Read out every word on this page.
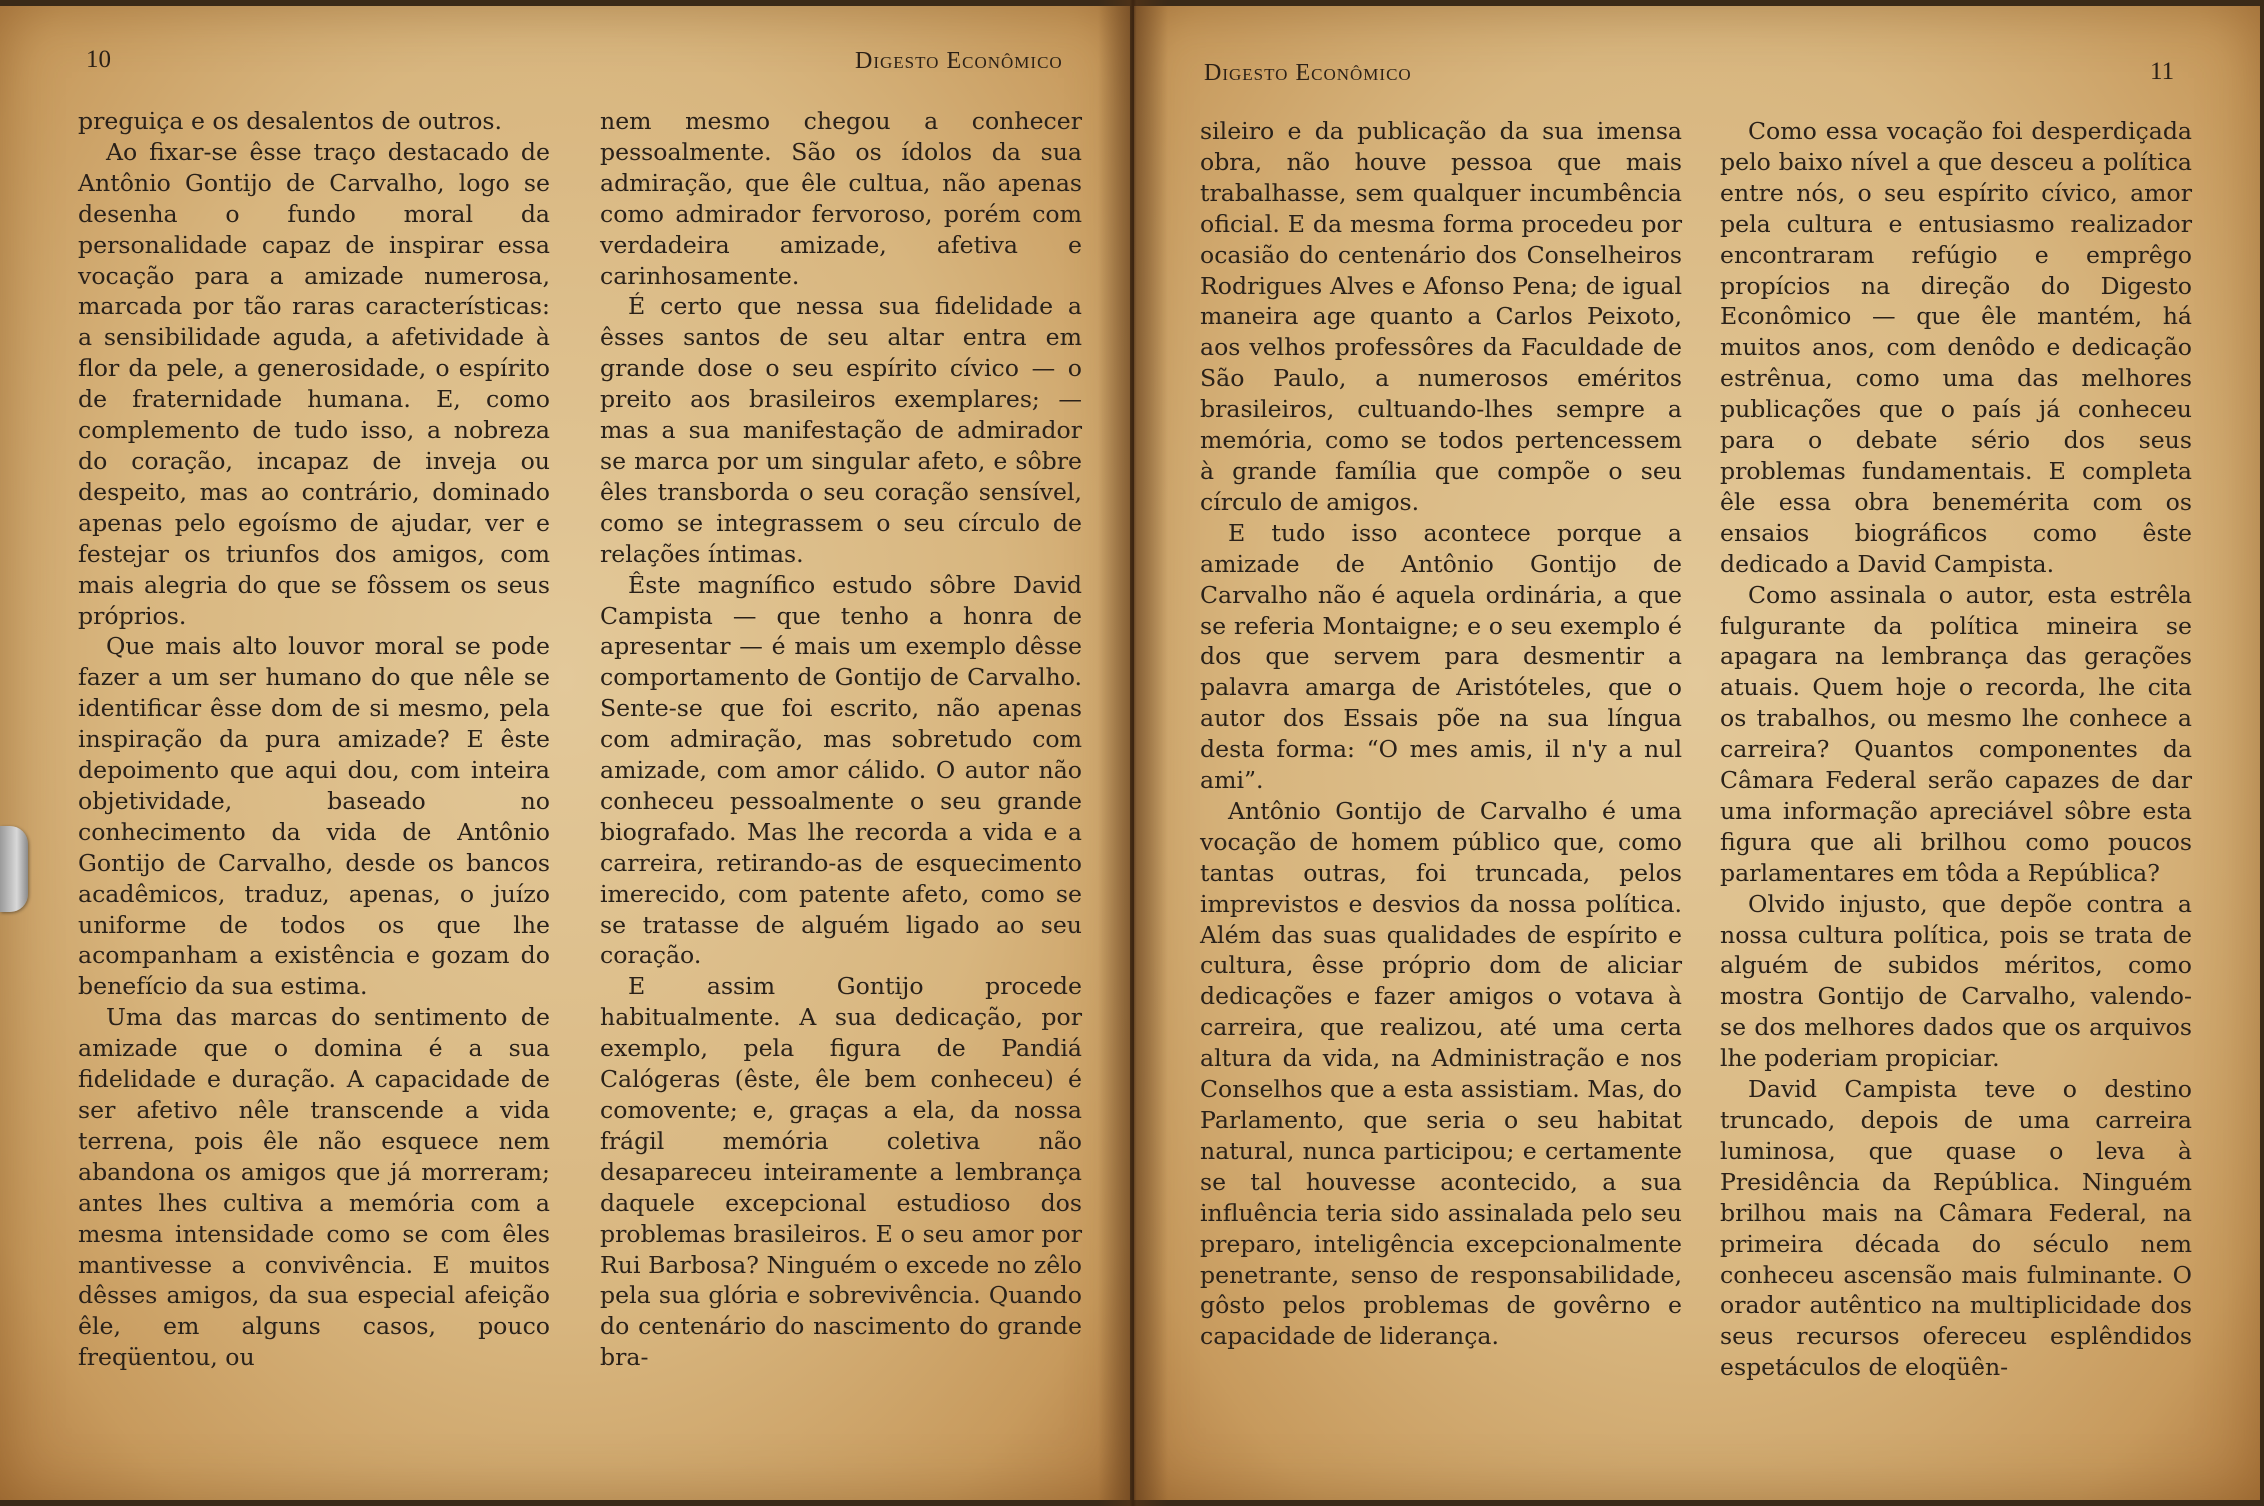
10	Digesto Econômico

preguiça e os desalentos de outros.

Ao fixar-se êsse traço destacado de Antônio Gontijo de Carvalho, logo se desenha o fundo moral da personalidade capaz de inspirar essa vocação para a amizade numerosa, marcada por tão raras características: a sensibilidade aguda, a afetividade à flor da pele, a generosidade, o espírito de fraternidade humana. E, como complemento de tudo isso, a nobreza do coração, incapaz de inveja ou despeito, mas ao contrário, dominado apenas pelo egoísmo de ajudar, ver e festejar os triunfos dos amigos, com mais alegria do que se fôssem os seus próprios.

Que mais alto louvor moral se pode fazer a um ser humano do que nêle se identificar êsse dom de si mesmo, pela inspiração da pura amizade? E êste depoimento que aqui dou, com inteira objetividade, baseado no conhecimento da vida de Antônio Gontijo de Carvalho, desde os bancos acadêmicos, traduz, apenas, o juízo uniforme de todos os que lhe acompanham a existência e gozam do benefício da sua estima.

Uma das marcas do sentimento de amizade que o domina é a sua fidelidade e duração. A capacidade de ser afetivo nêle transcende a vida terrena, pois êle não esquece nem abandona os amigos que já morreram; antes lhes cultiva a memória com a mesma intensidade como se com êles mantivesse a convivência. E muitos dêsses amigos, da sua especial afeição êle, em alguns casos, pouco freqüentou, ou

nem mesmo chegou a conhecer pessoalmente. São os ídolos da sua admiração, que êle cultua, não apenas como admirador fervoroso, porém com verdadeira amizade, afetiva e carinhosamente.

É certo que nessa sua fidelidade a êsses santos de seu altar entra em grande dose o seu espírito cívico — o preito aos brasileiros exemplares; — mas a sua manifestação de admirador se marca por um singular afeto, e sôbre êles transborda o seu coração sensível, como se integrassem o seu círculo de relações íntimas.

Êste magnífico estudo sôbre David Campista — que tenho a honra de apresentar — é mais um exemplo dêsse comportamento de Gontijo de Carvalho. Sente-se que foi escrito, não apenas com admiração, mas sobretudo com amizade, com amor cálido. O autor não conheceu pessoalmente o seu grande biografado. Mas lhe recorda a vida e a carreira, retirando-as de esquecimento imerecido, com patente afeto, como se se tratasse de alguém ligado ao seu coração.

E assim Gontijo procede habitualmente. A sua dedicação, por exemplo, pela figura de Pandiá Calógeras (êste, êle bem conheceu) é comovente; e, graças a ela, da nossa frágil memória coletiva não desapareceu inteiramente a lembrança daquele excepcional estudioso dos problemas brasileiros. E o seu amor por Rui Barbosa? Ninguém o excede no zêlo pela sua glória e sobrevivência. Quando do centenário do nascimento do grande bra-

Digesto Econômico	11

sileiro e da publicação da sua imensa obra, não houve pessoa que mais trabalhasse, sem qualquer incumbência oficial. E da mesma forma procedeu por ocasião do centenário dos Conselheiros Rodrigues Alves e Afonso Pena; de igual maneira age quanto a Carlos Peixoto, aos velhos professôres da Faculdade de São Paulo, a numerosos eméritos brasileiros, cultuando-lhes sempre a memória, como se todos pertencessem à grande família que compõe o seu círculo de amigos.

E tudo isso acontece porque a amizade de Antônio Gontijo de Carvalho não é aquela ordinária, a que se referia Montaigne; e o seu exemplo é dos que servem para desmentir a palavra amarga de Aristóteles, que o autor dos Essais põe na sua língua desta forma: “O mes amis, il n'y a nul ami”.

Antônio Gontijo de Carvalho é uma vocação de homem público que, como tantas outras, foi truncada, pelos imprevistos e desvios da nossa política. Além das suas qualidades de espírito e cultura, êsse próprio dom de aliciar dedicações e fazer amigos o votava à carreira, que realizou, até uma certa altura da vida, na Administração e nos Conselhos que a esta assistiam. Mas, do Parlamento, que seria o seu habitat natural, nunca participou; e certamente se tal houvesse acontecido, a sua influência teria sido assinalada pelo seu preparo, inteligência excepcionalmente penetrante, senso de responsabilidade, gôsto pelos problemas de govêrno e capacidade de liderança.

Como essa vocação foi desperdiçada pelo baixo nível a que desceu a política entre nós, o seu espírito cívico, amor pela cultura e entusiasmo realizador encontraram refúgio e emprêgo propícios na direção do Digesto Econômico — que êle mantém, há muitos anos, com denôdo e dedicação estrênua, como uma das melhores publicações que o país já conheceu para o debate sério dos seus problemas fundamentais. E completa êle essa obra benemérita com os ensaios biográficos como êste dedicado a David Campista.

Como assinala o autor, esta estrêla fulgurante da política mineira se apagara na lembrança das gerações atuais. Quem hoje o recorda, lhe cita os trabalhos, ou mesmo lhe conhece a carreira? Quantos componentes da Câmara Federal serão capazes de dar uma informação apreciável sôbre esta figura que ali brilhou como poucos parlamentares em tôda a República?

Olvido injusto, que depõe contra a nossa cultura política, pois se trata de alguém de subidos méritos, como mostra Gontijo de Carvalho, valendo-se dos melhores dados que os arquivos lhe poderiam propiciar.

David Campista teve o destino truncado, depois de uma carreira luminosa, que quase o leva à Presidência da República. Ninguém brilhou mais na Câmara Federal, na primeira década do século nem conheceu ascensão mais fulminante. O orador autêntico na multiplicidade dos seus recursos ofereceu esplêndidos espetáculos de eloqüên-
